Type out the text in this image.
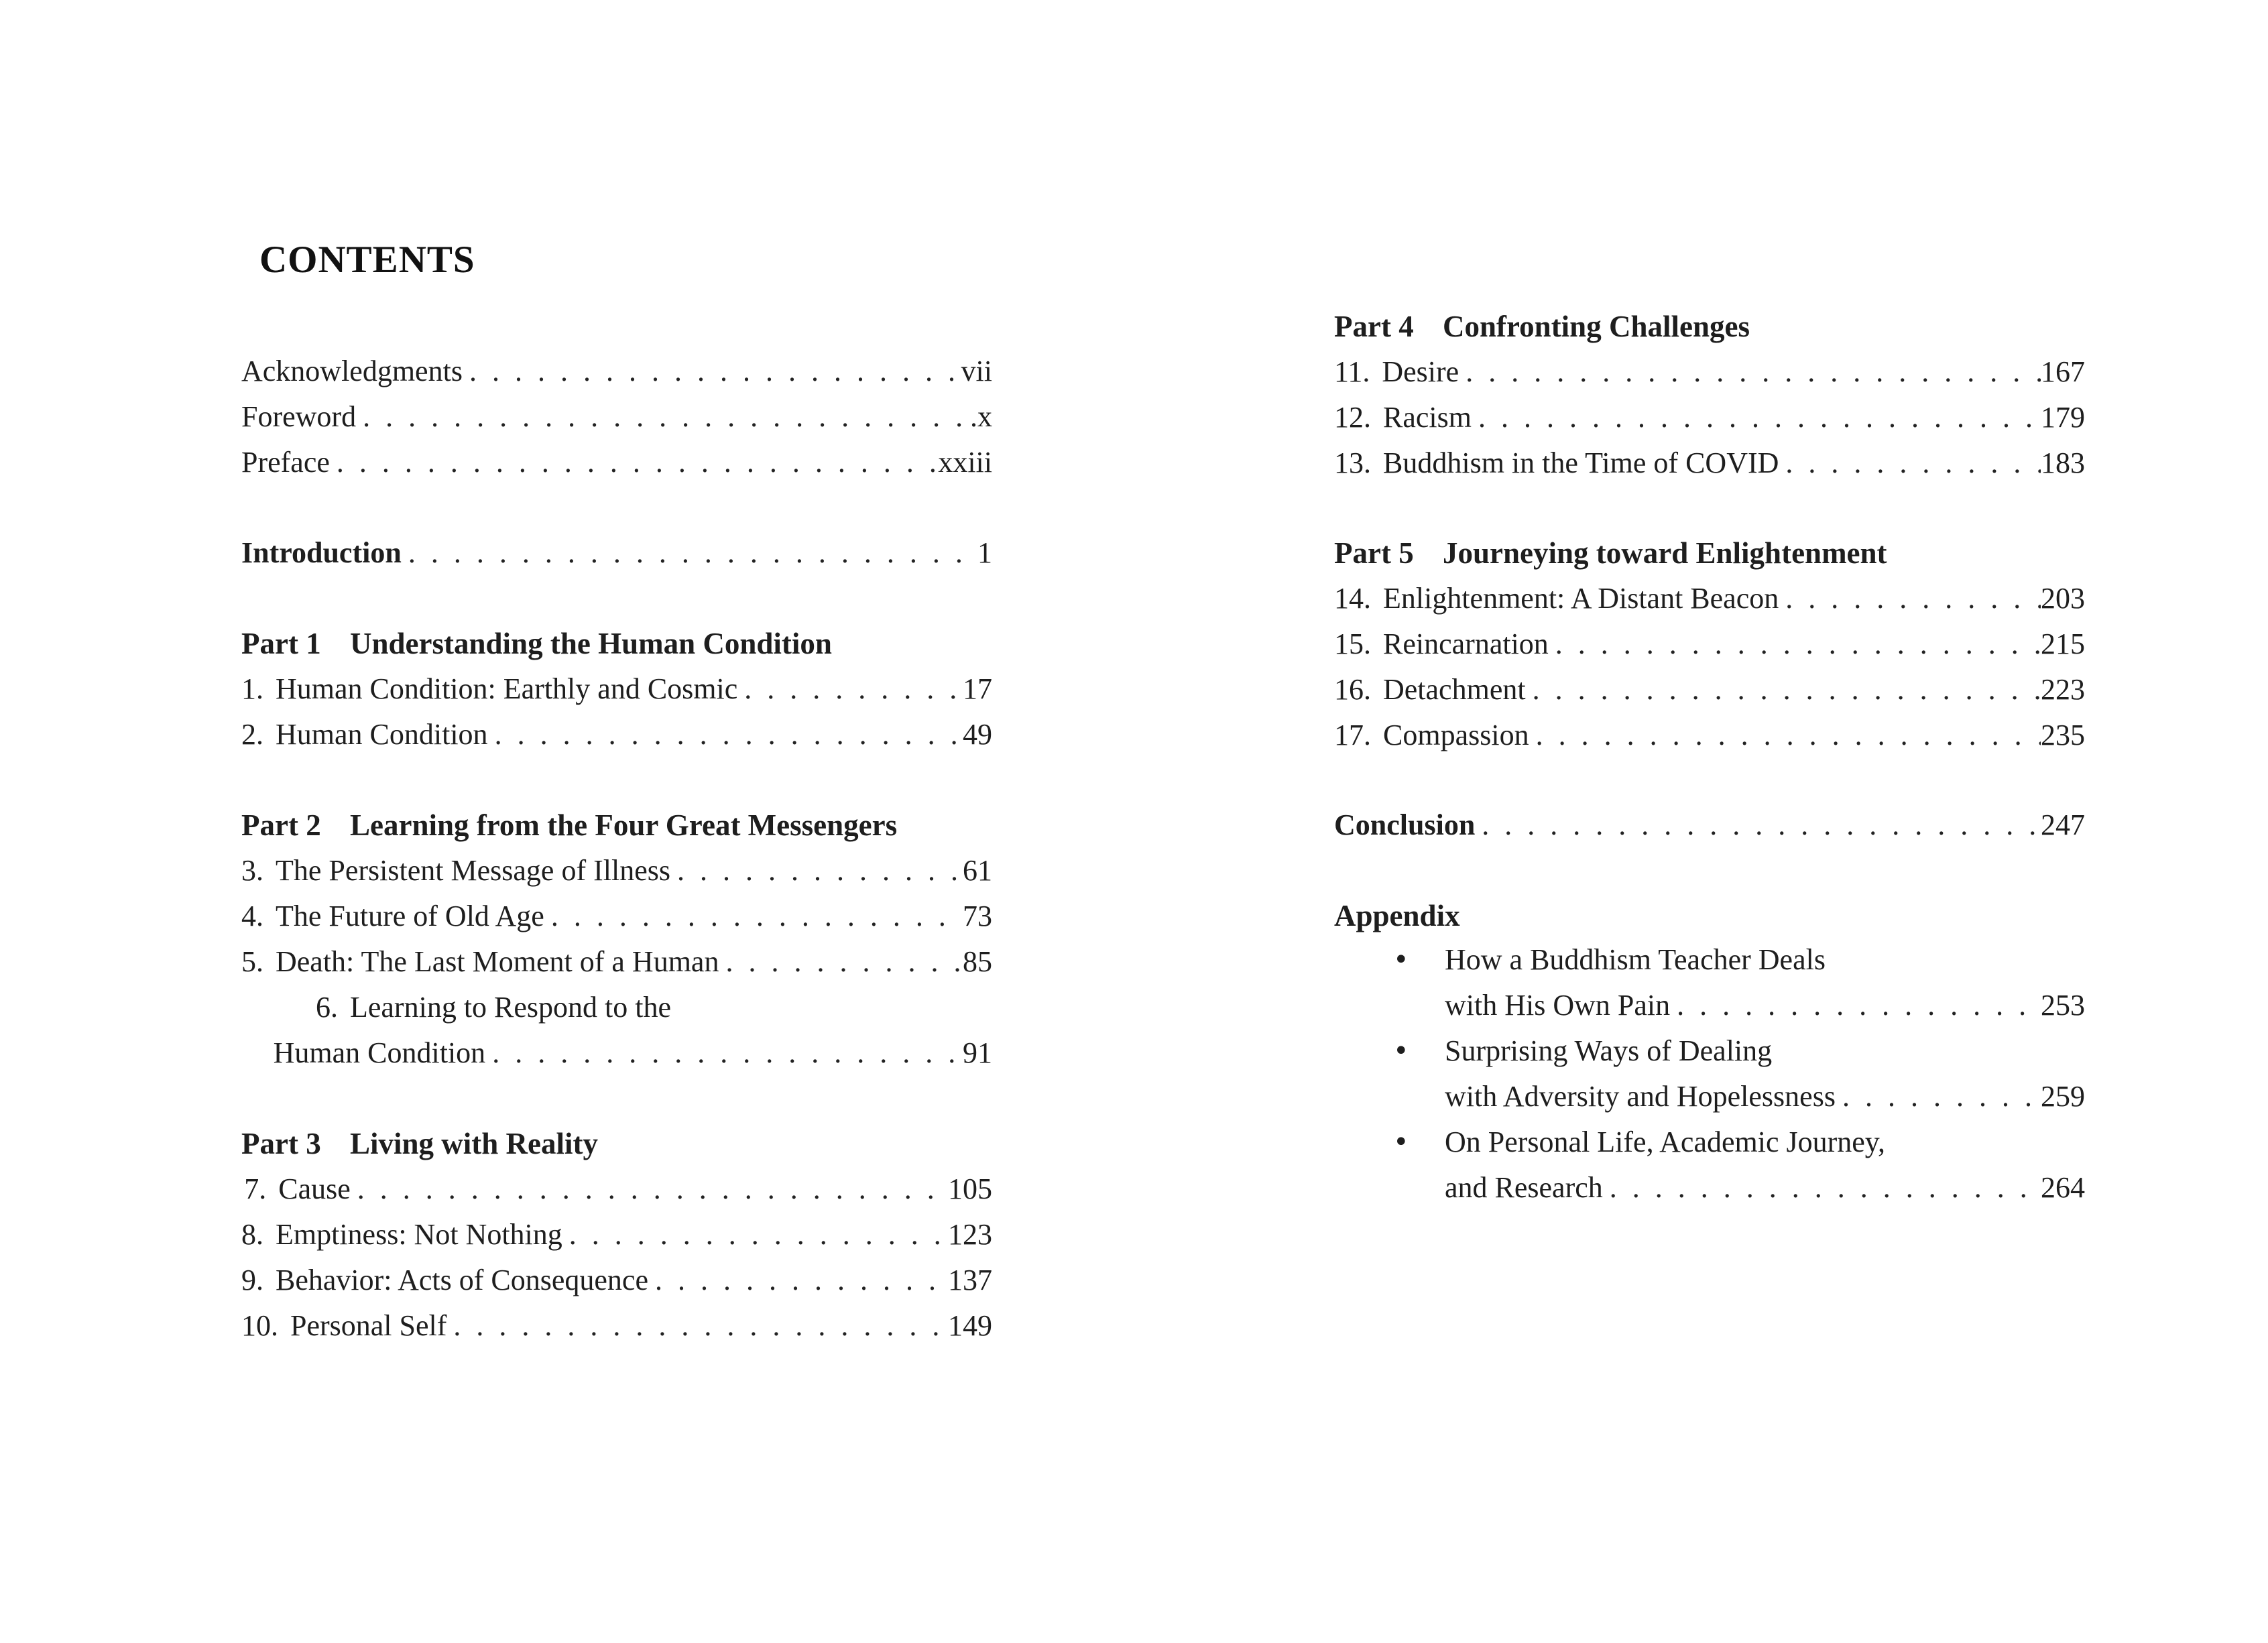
CONTENTS
Acknowledgments . . .	vii
Foreword . . .	.x
Preface . . .	xxiii
Introduction . . .	1
Part 1 Understanding the Human Condition
1. Human Condition: Earthly and Cosmic . . .	17
2. Human Condition . . .	49
Part 2 Learning from the Four Great Messengers
3. The Persistent Message of Illness . . .	61
4. The Future of Old Age . . .	73
5. Death: The Last Moment of a Human . . .	85
6. Learning to Respond to the
Human Condition . . .	91
Part 3 Living with Reality
7. Cause . . .	105
8. Emptiness: Not Nothing . . .	123
9. Behavior: Acts of Consequence . . .	137
10. Personal Self . . .	149
Part 4 Confronting Challenges
11. Desire . . .	167
12. Racism . . .	179
13. Buddhism in the Time of COVID . . .	183
Part 5 Journeying toward Enlightenment
14. Enlightenment: A Distant Beacon . . .	203
15. Reincarnation . . .	215
16. Detachment . . .	223
17. Compassion . . .	235
Conclusion . . .	247
Appendix
• How a Buddhism Teacher Deals
with His Own Pain . . .	253
• Surprising Ways of Dealing
with Adversity and Hopelessness . . .	259
• On Personal Life, Academic Journey,
and Research . . .	264
